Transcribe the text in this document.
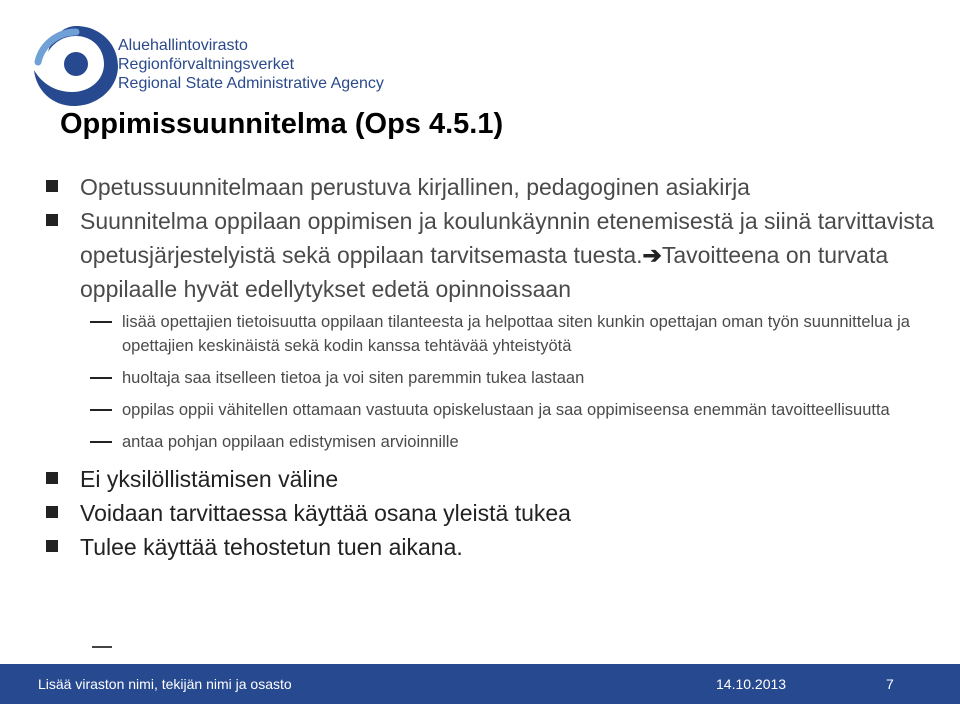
Aluehallintovirasto
Regionförvaltningsverket
Regional State Administrative Agency
Oppimissuunnitelma (Ops 4.5.1)
Opetussuunnitelmaan perustuva kirjallinen, pedagoginen asiakirja
Suunnitelma oppilaan oppimisen ja koulunkäynnin etenemisestä ja siinä tarvittavista opetusjärjestelyistä sekä oppilaan tarvitsemasta tuesta.➔Tavoitteena on turvata oppilaalle hyvät edellytykset edetä opinnoissaan
lisää opettajien tietoisuutta oppilaan tilanteesta ja helpottaa siten kunkin opettajan oman työn suunnittelua ja opettajien keskinäistä sekä kodin kanssa tehtävää yhteistyötä
huoltaja saa itselleen tietoa ja voi siten paremmin tukea lastaan
oppilas oppii vähitellen ottamaan vastuuta opiskelustaan ja saa oppimiseensa enemmän tavoitteellisuutta
antaa pohjan oppilaan edistymisen arvioinnille
Ei yksilöllistämisen väline
Voidaan tarvittaessa käyttää osana yleistä tukea
Tulee käyttää tehostetun tuen aikana.
Lisää viraston nimi, tekijän nimi ja osasto	14.10.2013	7
